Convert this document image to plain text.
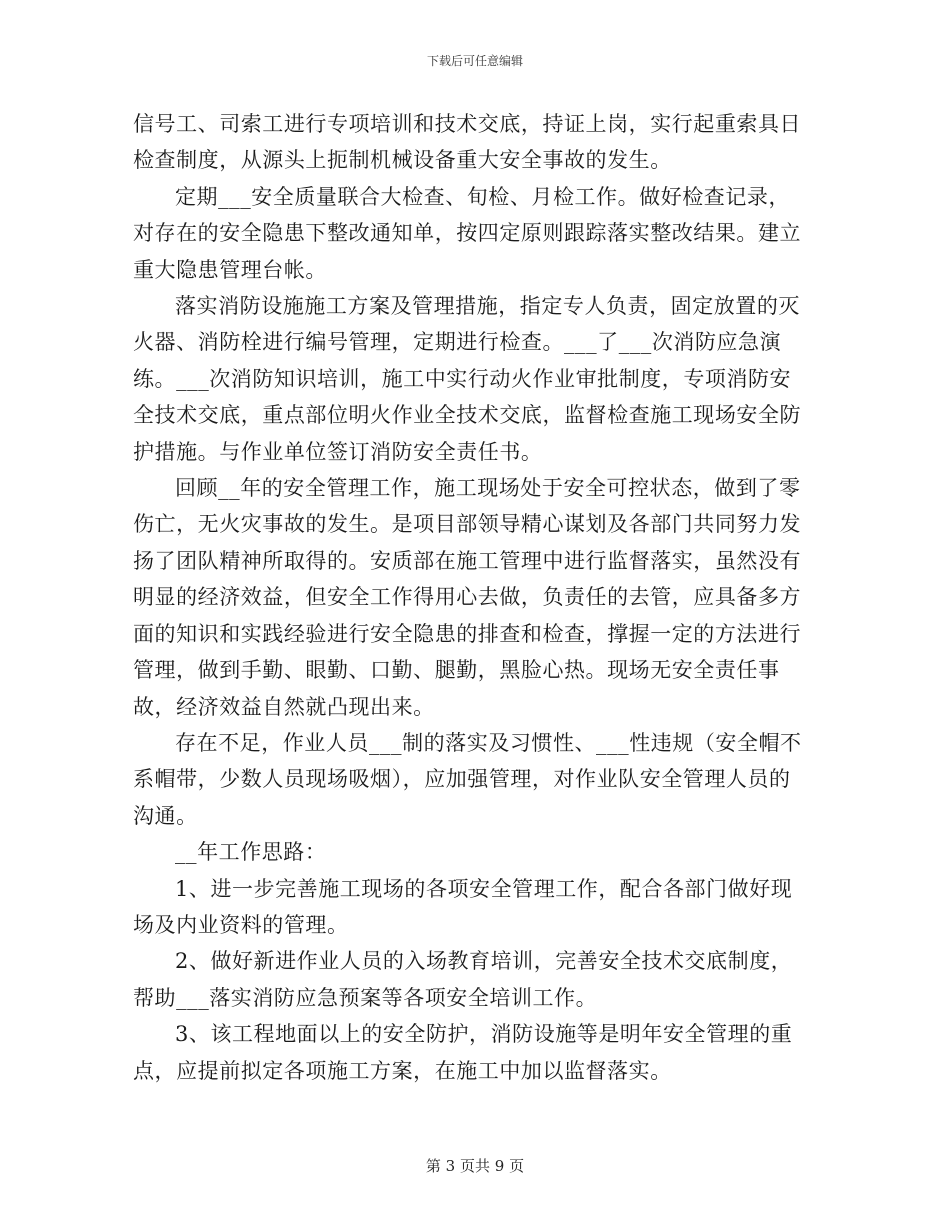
下载后可任意编辑

信号工、司索工进行专项培训和技术交底，持证上岗，实行起重索具日检查制度，从源头上扼制机械设备重大安全事故的发生。

定期___安全质量联合大检查、旬检、月检工作。做好检查记录，对存在的安全隐患下整改通知单，按四定原则跟踪落实整改结果。建立重大隐患管理台帐。

落实消防设施施工方案及管理措施，指定专人负责，固定放置的灭火器、消防栓进行编号管理，定期进行检查。___了___次消防应急演练。___次消防知识培训，施工中实行动火作业审批制度，专项消防安全技术交底，重点部位明火作业全技术交底，监督检查施工现场安全防护措施。与作业单位签订消防安全责任书。

回顾__年的安全管理工作，施工现场处于安全可控状态，做到了零伤亡，无火灾事故的发生。是项目部领导精心谋划及各部门共同努力发扬了团队精神所取得的。安质部在施工管理中进行监督落实，虽然没有明显的经济效益，但安全工作得用心去做，负责任的去管，应具备多方面的知识和实践经验进行安全隐患的排查和检查，撑握一定的方法进行管理，做到手勤、眼勤、口勤、腿勤，黑脸心热。现场无安全责任事故，经济效益自然就凸现出来。

存在不足，作业人员___制的落实及习惯性、___性违规（安全帽不系帽带，少数人员现场吸烟），应加强管理，对作业队安全管理人员的沟通。

__年工作思路：

1、进一步完善施工现场的各项安全管理工作，配合各部门做好现场及内业资料的管理。

2、做好新进作业人员的入场教育培训，完善安全技术交底制度，帮助___落实消防应急预案等各项安全培训工作。

3、该工程地面以上的安全防护，消防设施等是明年安全管理的重点，应提前拟定各项施工方案，在施工中加以监督落实。

第 3 页共 9 页
